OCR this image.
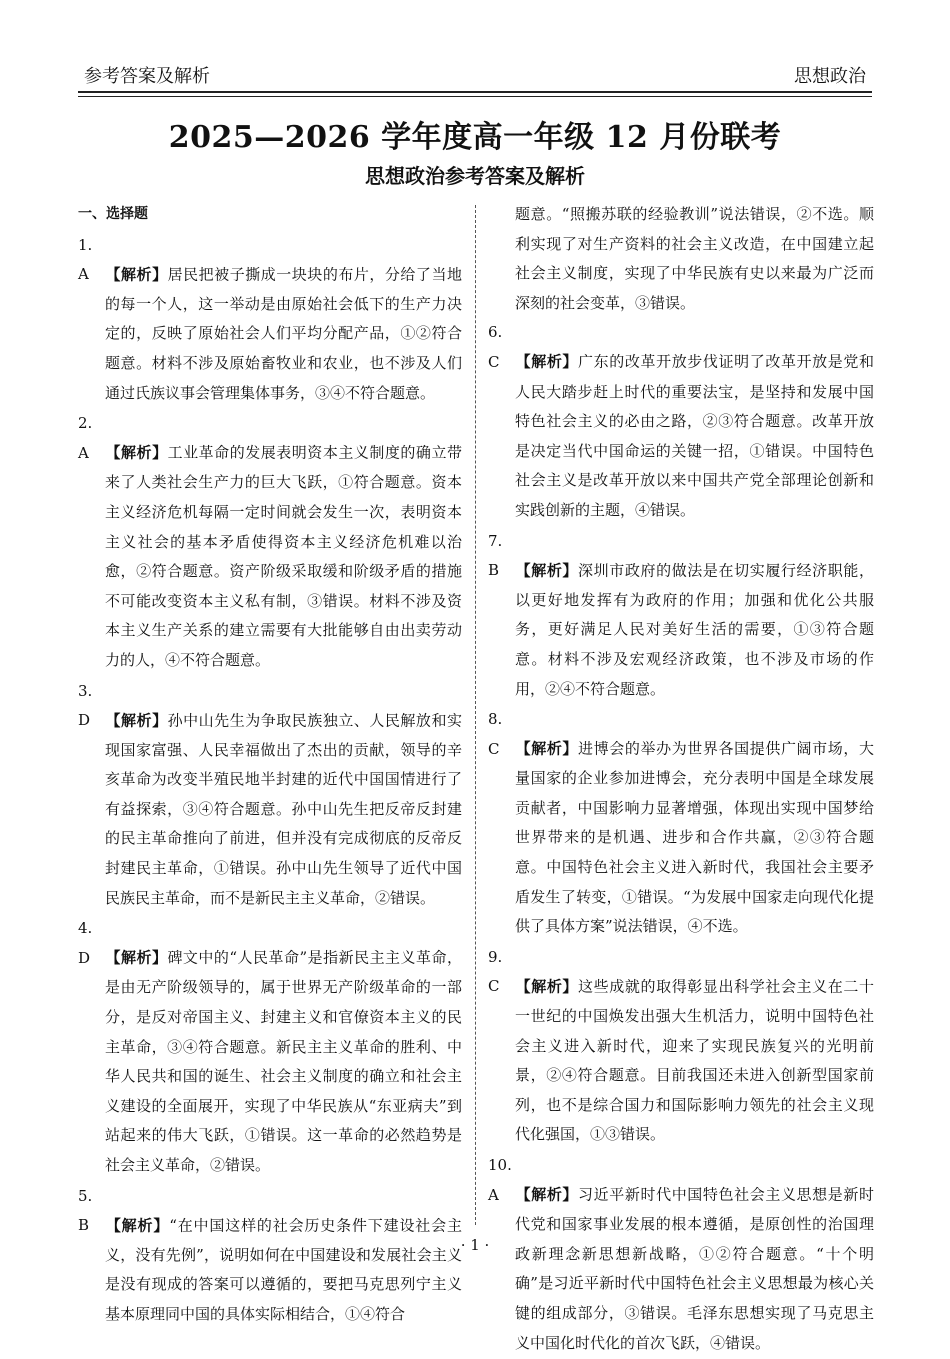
参考答案及解析	思想政治
2025—2026 学年度高一年级 12 月份联考
思想政治参考答案及解析
一、选择题
1. A 【解析】居民把被子撕成一块块的布片，分给了当地的每一个人，这一举动是由原始社会低下的生产力决定的，反映了原始社会人们平均分配产品，①②符合题意。材料不涉及原始畜牧业和农业，也不涉及人们通过氏族议事会管理集体事务，③④不符合题意。
2. A 【解析】工业革命的发展表明资本主义制度的确立带来了人类社会生产力的巨大飞跃，①符合题意。资本主义经济危机每隔一定时间就会发生一次，表明资本主义社会的基本矛盾使得资本主义经济危机难以治愈，②符合题意。资产阶级采取缓和阶级矛盾的措施不可能改变资本主义私有制，③错误。材料不涉及资本主义生产关系的建立需要有大批能够自由出卖劳动力的人，④不符合题意。
3. D 【解析】孙中山先生为争取民族独立、人民解放和实现国家富强、人民幸福做出了杰出的贡献，领导的辛亥革命为改变半殖民地半封建的近代中国国情进行了有益探索，③④符合题意。孙中山先生把反帝反封建的民主革命推向了前进，但并没有完成彻底的反帝反封建民主革命，①错误。孙中山先生领导了近代中国民族民主革命，而不是新民主主义革命，②错误。
4. D 【解析】碑文中的“人民革命”是指新民主主义革命，是由无产阶级领导的，属于世界无产阶级革命的一部分，是反对帝国主义、封建主义和官僚资本主义的民主革命，③④符合题意。新民主主义革命的胜利、中华人民共和国的诞生、社会主义制度的确立和社会主义建设的全面展开，实现了中华民族从“东亚病夫”到站起来的伟大飞跃，①错误。这一革命的必然趋势是社会主义革命，②错误。
5. B 【解析】“在中国这样的社会历史条件下建设社会主义，没有先例”，说明如何在中国建设和发展社会主义是没有现成的答案可以遵循的，要把马克思列宁主义基本原理同中国的具体实际相结合，①④符合
题意。“照搬苏联的经验教训”说法错误，②不选。顺利实现了对生产资料的社会主义改造，在中国建立起社会主义制度，实现了中华民族有史以来最为广泛而深刻的社会变革，③错误。
6. C 【解析】广东的改革开放步伐证明了改革开放是党和人民大踏步赶上时代的重要法宝，是坚持和发展中国特色社会主义的必由之路，②③符合题意。改革开放是决定当代中国命运的关键一招，①错误。中国特色社会主义是改革开放以来中国共产党全部理论创新和实践创新的主题，④错误。
7. B 【解析】深圳市政府的做法是在切实履行经济职能，以更好地发挥有为政府的作用；加强和优化公共服务，更好满足人民对美好生活的需要，①③符合题意。材料不涉及宏观经济政策，也不涉及市场的作用，②④不符合题意。
8. C 【解析】进博会的举办为世界各国提供广阔市场，大量国家的企业参加进博会，充分表明中国是全球发展贡献者，中国影响力显著增强，体现出实现中国梦给世界带来的是机遇、进步和合作共赢，②③符合题意。中国特色社会主义进入新时代，我国社会主要矛盾发生了转变，①错误。“为发展中国家走向现代化提供了具体方案”说法错误，④不选。
9. C 【解析】这些成就的取得彰显出科学社会主义在二十一世纪的中国焕发出强大生机活力，说明中国特色社会主义进入新时代，迎来了实现民族复兴的光明前景，②④符合题意。目前我国还未进入创新型国家前列，也不是综合国力和国际影响力领先的社会主义现代化强国，①③错误。
10. A 【解析】习近平新时代中国特色社会主义思想是新时代党和国家事业发展的根本遵循，是原创性的治国理政新理念新思想新战略，①②符合题意。“十个明确”是习近平新时代中国特色社会主义思想最为核心关键的组成部分，③错误。毛泽东思想实现了马克思主义中国化时代化的首次飞跃，④错误。
· 1 ·
